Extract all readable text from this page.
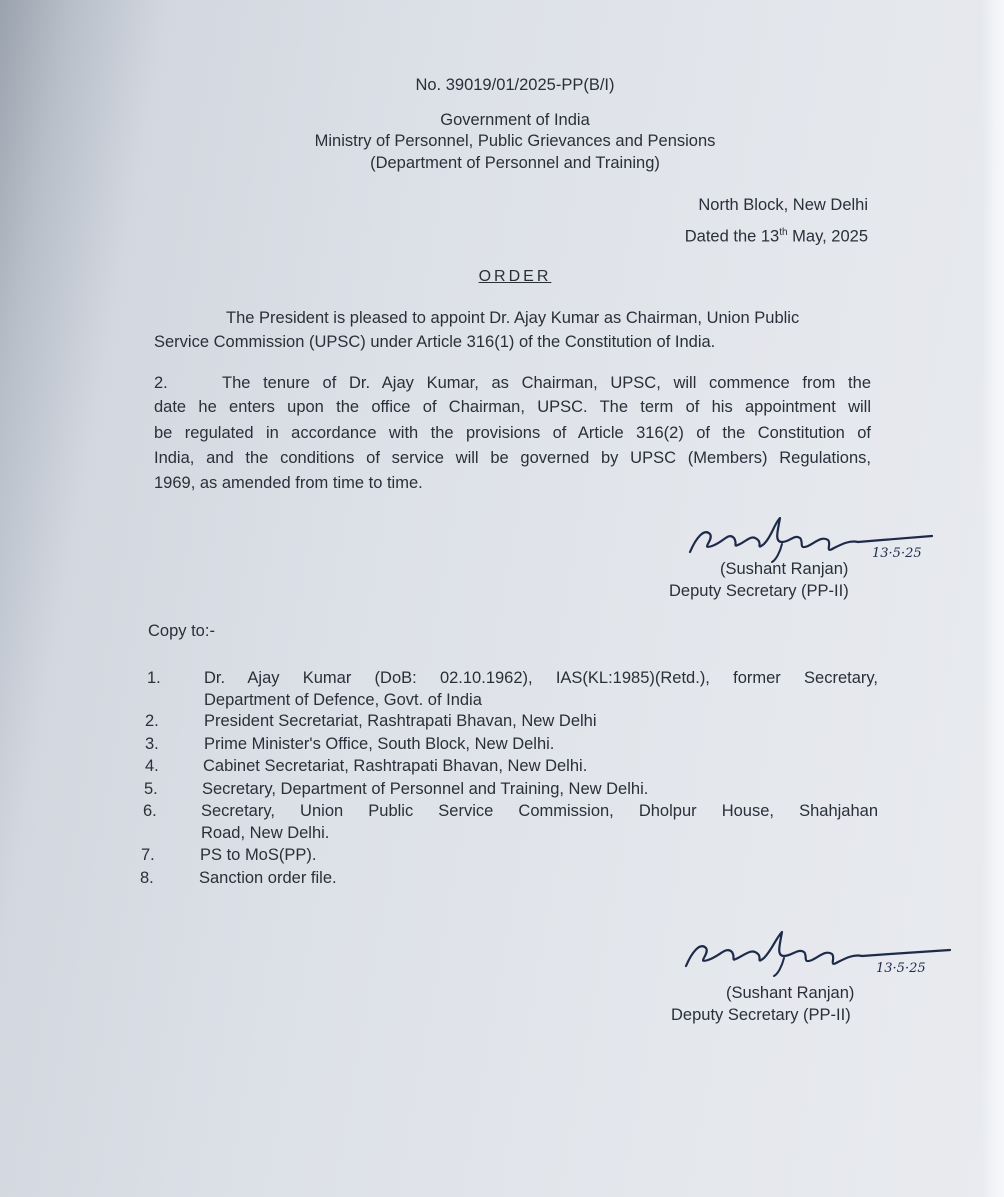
No. 39019/01/2025-PP(B/I)
Government of India
Ministry of Personnel, Public Grievances and Pensions
(Department of Personnel and Training)
North Block, New Delhi
Dated the 13th May, 2025
ORDER
The President is pleased to appoint Dr. Ajay Kumar as Chairman, Union Public
Service Commission (UPSC) under Article 316(1) of the Constitution of India.
2.	The tenure of Dr. Ajay Kumar, as Chairman, UPSC, will commence from the
date he enters upon the office of Chairman, UPSC. The term of his appointment will
be regulated in accordance with the provisions of Article 316(2) of the Constitution of
India, and the conditions of service will be governed by UPSC (Members) Regulations,
1969, as amended from time to time.
13·5·25
(Sushant Ranjan)
Deputy Secretary (PP-II)
Copy to:-
1.	Dr. Ajay Kumar (DoB: 02.10.1962), IAS(KL:1985)(Retd.), former Secretary,
Department of Defence, Govt. of India
2.	President Secretariat, Rashtrapati Bhavan, New Delhi
3.	Prime Minister's Office, South Block, New Delhi.
4.	Cabinet Secretariat, Rashtrapati Bhavan, New Delhi.
5.	Secretary, Department of Personnel and Training, New Delhi.
6.	Secretary, Union Public Service Commission, Dholpur House, Shahjahan
Road, New Delhi.
7.	PS to MoS(PP).
8.	Sanction order file.
13·5·25
(Sushant Ranjan)
Deputy Secretary (PP-II)
